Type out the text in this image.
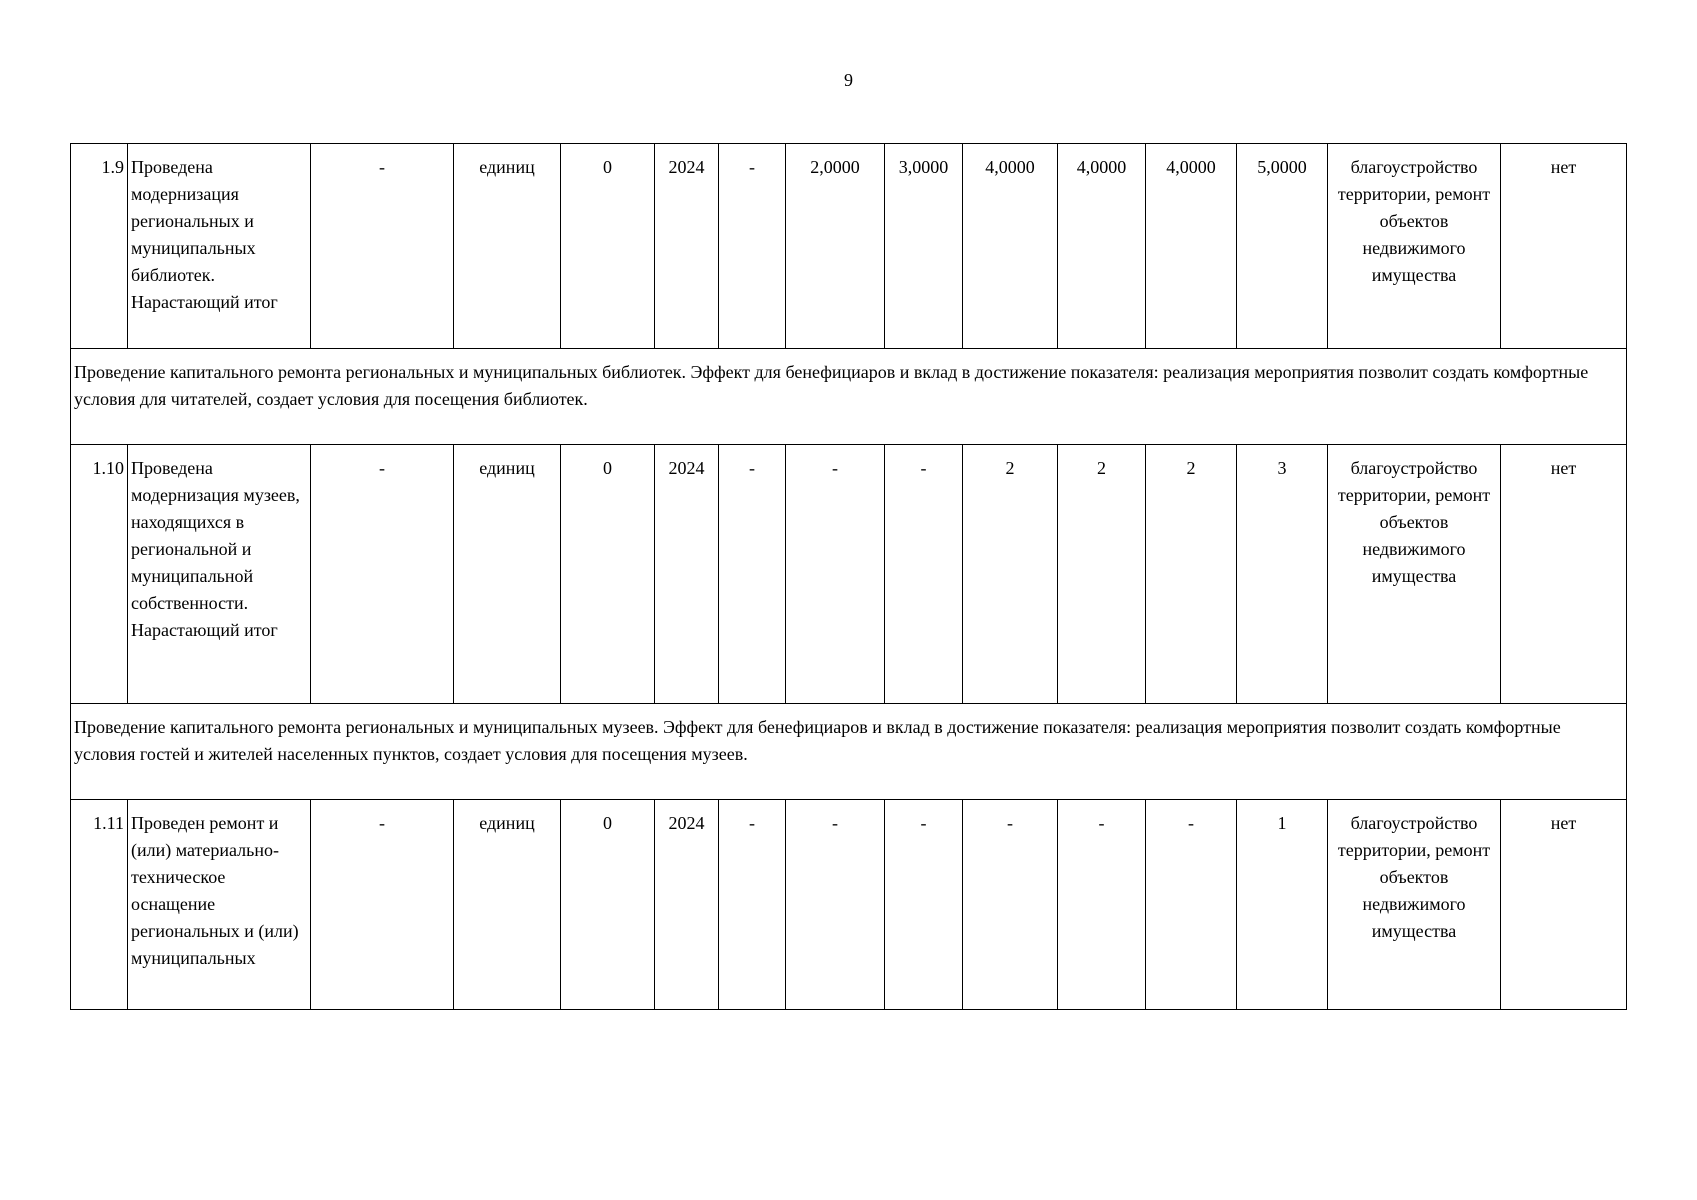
9
1.9	Проведена модернизация региональных и муниципальных библиотек. Нарастающий итог	-	единиц	0	2024	-	2,0000	3,0000	4,0000	4,0000	4,0000	5,0000	благоустройство территории, ремонт объектов недвижимого имущества	нет
Проведение капитального ремонта региональных и муниципальных библиотек. Эффект для бенефициаров и вклад в достижение показателя: реализация мероприятия позволит создать комфортные условия для читателей, создает условия для посещения библиотек.														
1.10	Проведена модернизация музеев, находящихся в региональной и муниципальной собственности. Нарастающий итог	-	единиц	0	2024	-	-	-	2	2	2	3	благоустройство территории, ремонт объектов недвижимого имущества	нет
Проведение капитального ремонта региональных и муниципальных музеев. Эффект для бенефициаров и вклад в достижение показателя: реализация мероприятия позволит создать комфортные условия гостей и жителей населенных пунктов, создает условия для посещения музеев.														
1.11	Проведен ремонт и (или) материально-техническое оснащение региональных и (или) муниципальных	-	единиц	0	2024	-	-	-	-	-	-	1	благоустройство территории, ремонт объектов недвижимого имущества	нет
